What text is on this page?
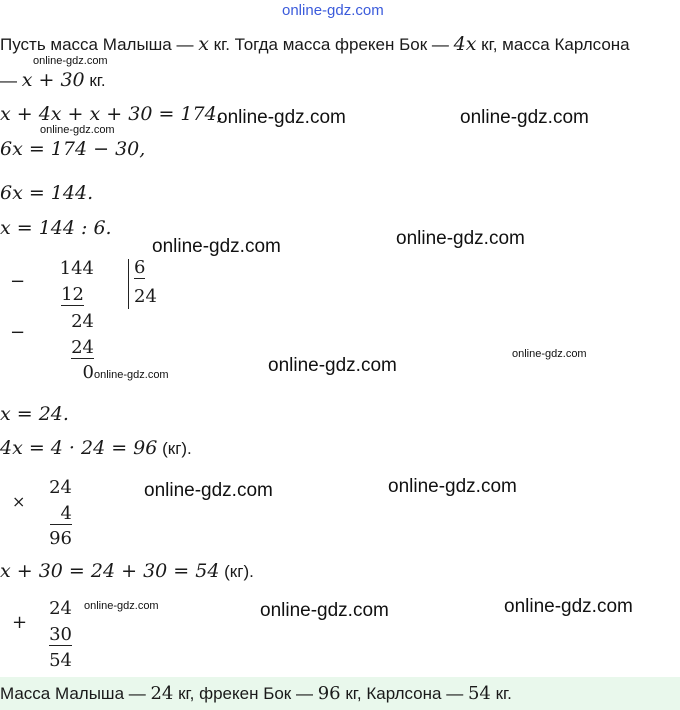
online-gdz.com
Пусть масса Малыша — x кг. Тогда масса фрекен Бок — 4x кг, масса Карлсона
— x + 30 кг.
x + 4x + x + 30 = 174,
6x = 174 − 30,
6x = 144.
x = 144 : 6.
−
144
12
6
24
−
24
24
0
x = 24.
4x = 4 · 24 = 96 (кг).
×
24
4
96
x + 30 = 24 + 30 = 54 (кг).
+
24
30
54
Масса Малыша — 24 кг, фрекен Бок — 96 кг, Карлсона — 54 кг.
online-gdz.com
online-gdz.com
online-gdz.com
online-gdz.com
online-gdz.com
online-gdz.com	online-gdz.com
online-gdz.com	online-gdz.com
online-gdz.com
online-gdz.com	online-gdz.com
online-gdz.com	online-gdz.com
